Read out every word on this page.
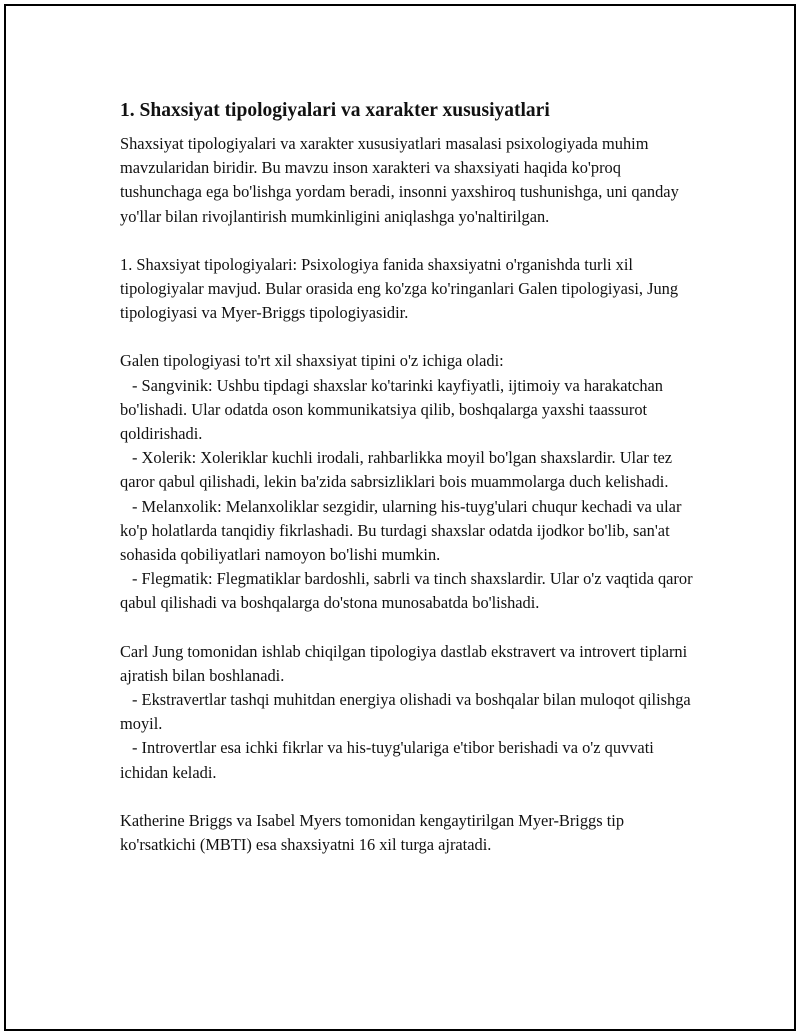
1. Shaxsiyat tipologiyalari va xarakter xususiyatlari

Shaxsiyat tipologiyalari va xarakter xususiyatlari masalasi psixologiyada muhim mavzularidan biridir. Bu mavzu inson xarakteri va shaxsiyati haqida ko'proq tushunchaga ega bo'lishga yordam beradi, insonni yaxshiroq tushunishga, uni qanday yo'llar bilan rivojlantirish mumkinligini aniqlashga yo'naltirilgan.

1. Shaxsiyat tipologiyalari: Psixologiya fanida shaxsiyatni o'rganishda turli xil tipologiyalar mavjud. Bular orasida eng ko'zga ko'ringanlari Galen tipologiyasi, Jung tipologiyasi va Myer-Briggs tipologiyasidir.

Galen tipologiyasi to'rt xil shaxsiyat tipini o'z ichiga oladi:

- Sangvinik: Ushbu tipdagi shaxslar ko'tarinki kayfiyatli, ijtimoiy va harakatchan bo'lishadi. Ular odatda oson kommunikatsiya qilib, boshqalarga yaxshi taassurot qoldirishadi.

- Xolerik: Xoleriklar kuchli irodali, rahbarlikka moyil bo'lgan shaxslardir. Ular tez qaror qabul qilishadi, lekin ba'zida sabrsizliklari bois muammolarga duch kelishadi.

- Melanxolik: Melanxoliklar sezgidir, ularning his-tuyg'ulari chuqur kechadi va ular ko'p holatlarda tanqidiy fikrlashadi. Bu turdagi shaxslar odatda ijodkor bo'lib, san'at sohasida qobiliyatlari namoyon bo'lishi mumkin.

- Flegmatik: Flegmatiklar bardoshli, sabrli va tinch shaxslardir. Ular o'z vaqtida qaror qabul qilishadi va boshqalarga do'stona munosabatda bo'lishadi.

Carl Jung tomonidan ishlab chiqilgan tipologiya dastlab ekstravert va introvert tiplarni ajratish bilan boshlanadi.

- Ekstravertlar tashqi muhitdan energiya olishadi va boshqalar bilan muloqot qilishga moyil.

- Introvertlar esa ichki fikrlar va his-tuyg'ulariga e'tibor berishadi va o'z quvvati ichidan keladi.

Katherine Briggs va Isabel Myers tomonidan kengaytirilgan Myer-Briggs tip ko'rsatkichi (MBTI) esa shaxsiyatni 16 xil turga ajratadi.
